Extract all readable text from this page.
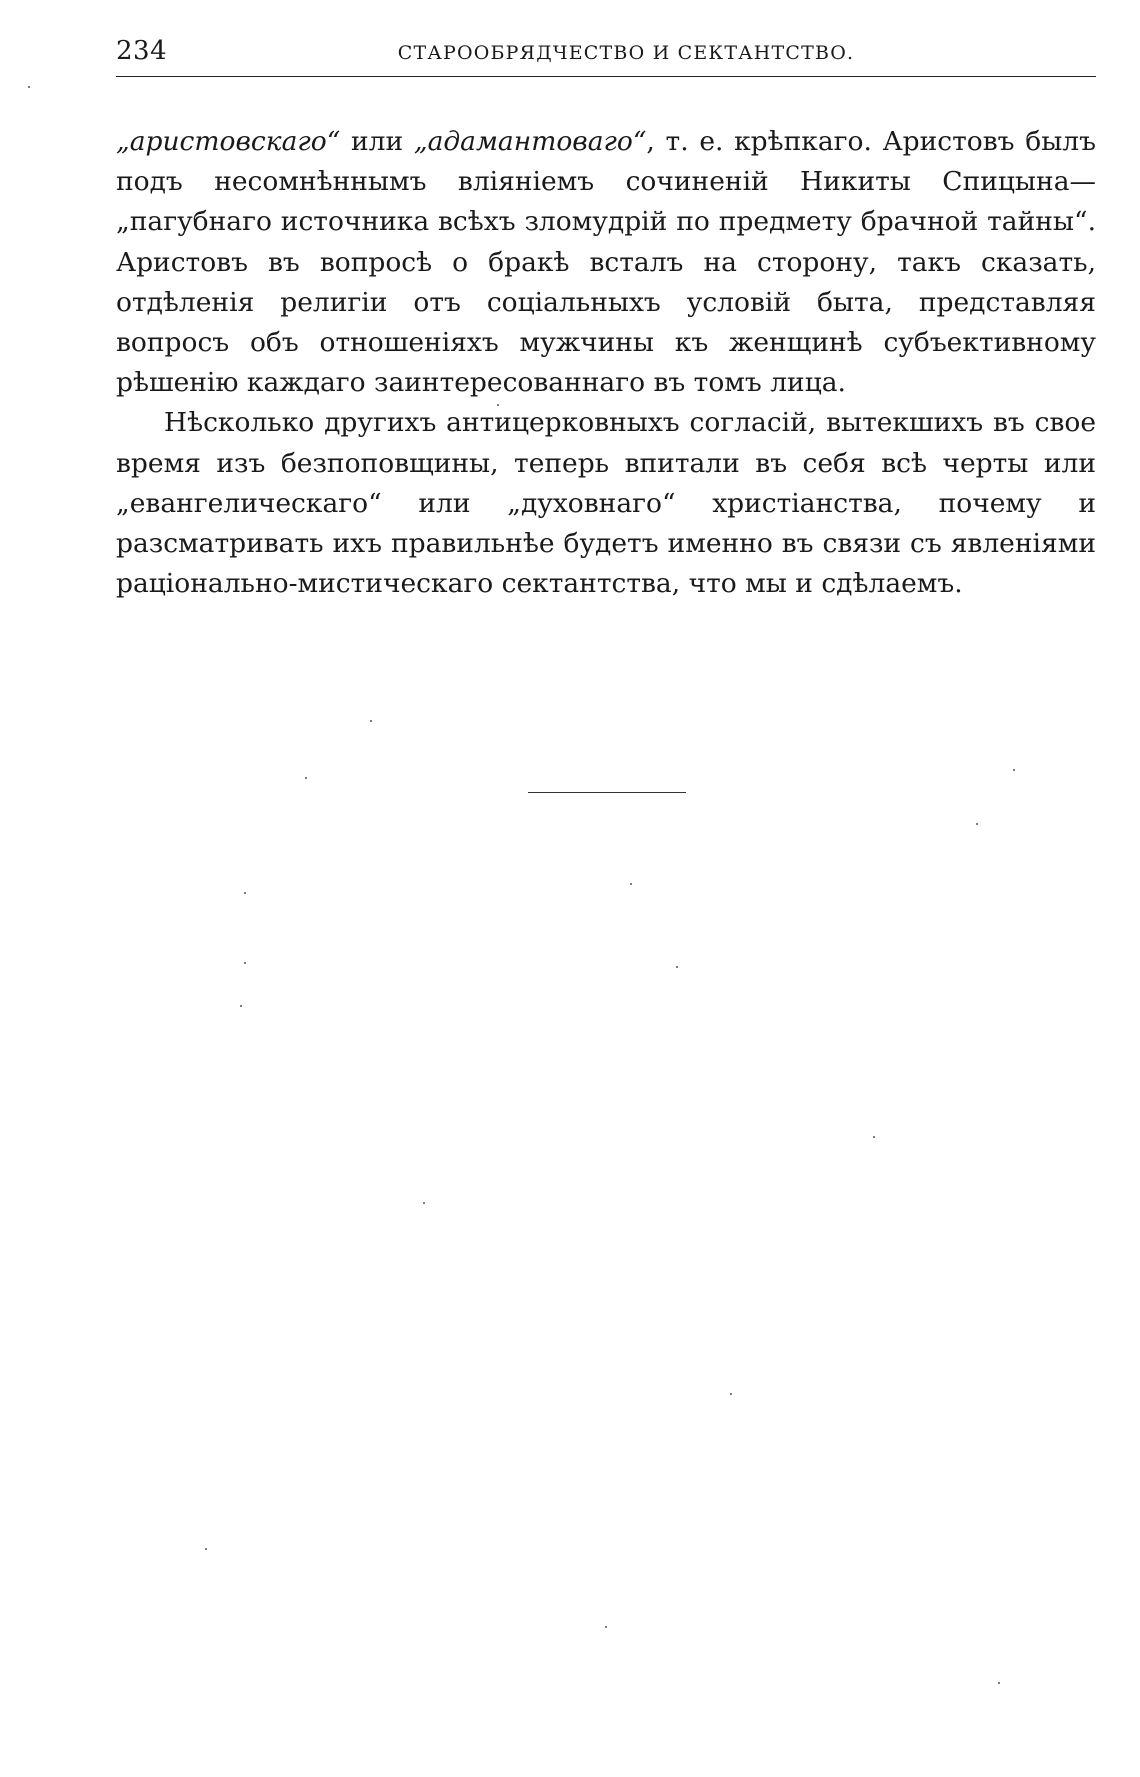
234	СТАРООБРЯДЧЕСТВО И СЕКТАНТСТВО.

„аристовскаго“ или „адамантоваго“, т. е. крѣпкаго. Аристовъ былъ подъ несомнѣннымъ вліяніемъ сочиненій Никиты Спицына—„пагубнаго источника всѣхъ зломудрій по предмету брачной тайны“. Аристовъ въ вопросѣ о бракѣ всталъ на сторону, такъ сказать, отдѣленія религіи отъ соціальныхъ условій быта, представляя вопросъ объ отношеніяхъ мужчины къ женщинѣ субъективному рѣшенію каждаго заинтересованнаго въ томъ лица.

Нѣсколько другихъ антицерковныхъ согласій, вытекшихъ въ свое время изъ безпоповщины, теперь впитали въ себя всѣ черты или „евангелическаго“ или „духовнаго“ христіанства, почему и разсматривать ихъ правильнѣе будетъ именно въ связи съ явленіями раціонально-мистическаго сектантства, что мы и сдѣлаемъ.
